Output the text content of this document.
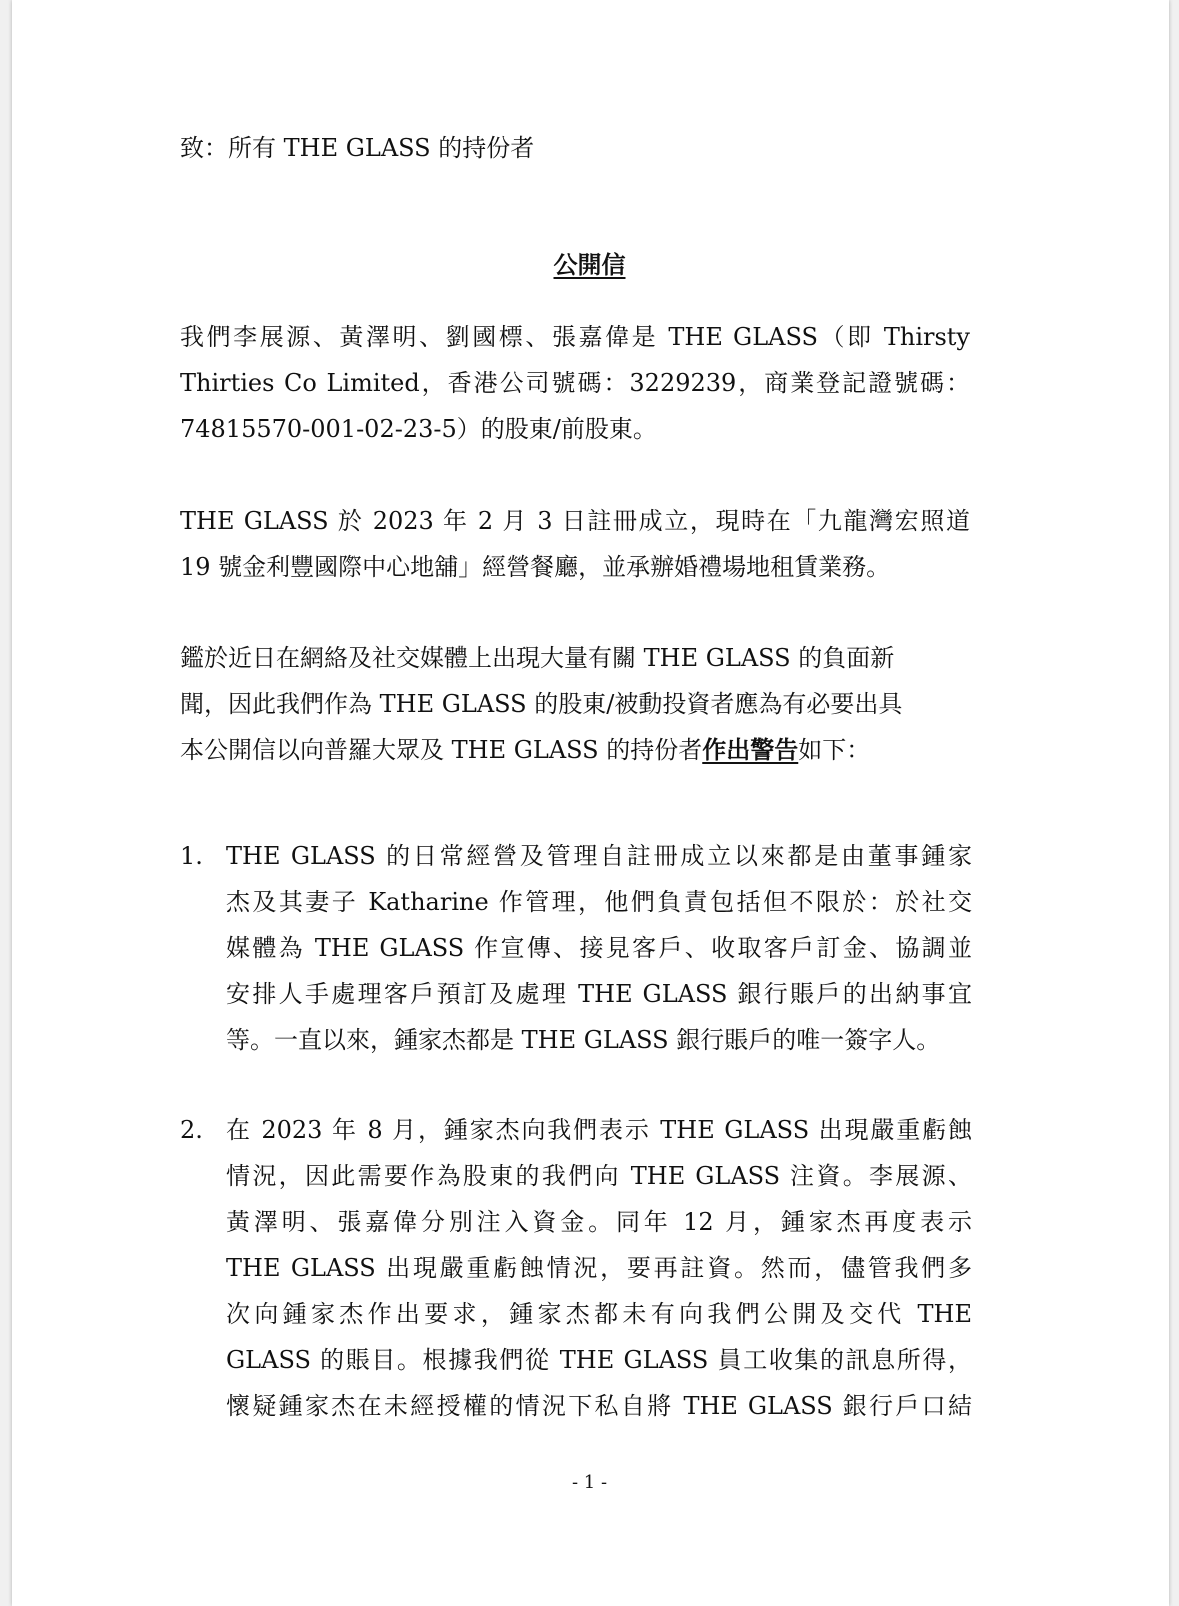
致：所有 THE GLASS 的持份者
公開信
我們李展源、黃澤明、劉國標、張嘉偉是 THE GLASS（即 Thirsty
Thirties Co Limited，香港公司號碼：3229239，商業登記證號碼：
74815570-001-02-23-5）的股東/前股東。
THE GLASS 於 2023 年 2 月 3 日註冊成立，現時在「九龍灣宏照道
19 號金利豐國際中心地舖」經營餐廳，並承辦婚禮場地租賃業務。
鑑於近日在網絡及社交媒體上出現大量有關 THE GLASS 的負面新
聞，因此我們作為 THE GLASS 的股東/被動投資者應為有必要出具
本公開信以向普羅大眾及 THE GLASS 的持份者作出警告如下：
1. THE GLASS 的日常經營及管理自註冊成立以來都是由董事鍾家
杰及其妻子 Katharine 作管理，他們負責包括但不限於：於社交
媒體為 THE GLASS 作宣傳、接見客戶、收取客戶訂金、協調並
安排人手處理客戶預訂及處理 THE GLASS 銀行賬戶的出納事宜
等。一直以來，鍾家杰都是 THE GLASS 銀行賬戶的唯一簽字人。
2. 在 2023 年 8 月，鍾家杰向我們表示 THE GLASS 出現嚴重虧蝕
情況，因此需要作為股東的我們向 THE GLASS 注資。李展源、
黃澤明、張嘉偉分別注入資金。同年 12 月，鍾家杰再度表示
THE GLASS 出現嚴重虧蝕情況，要再註資。然而，儘管我們多
次向鍾家杰作出要求，鍾家杰都未有向我們公開及交代 THE
GLASS 的賬目。根據我們從 THE GLASS 員工收集的訊息所得，
懷疑鍾家杰在未經授權的情況下私自將 THE GLASS 銀行戶口結
- 1 -
